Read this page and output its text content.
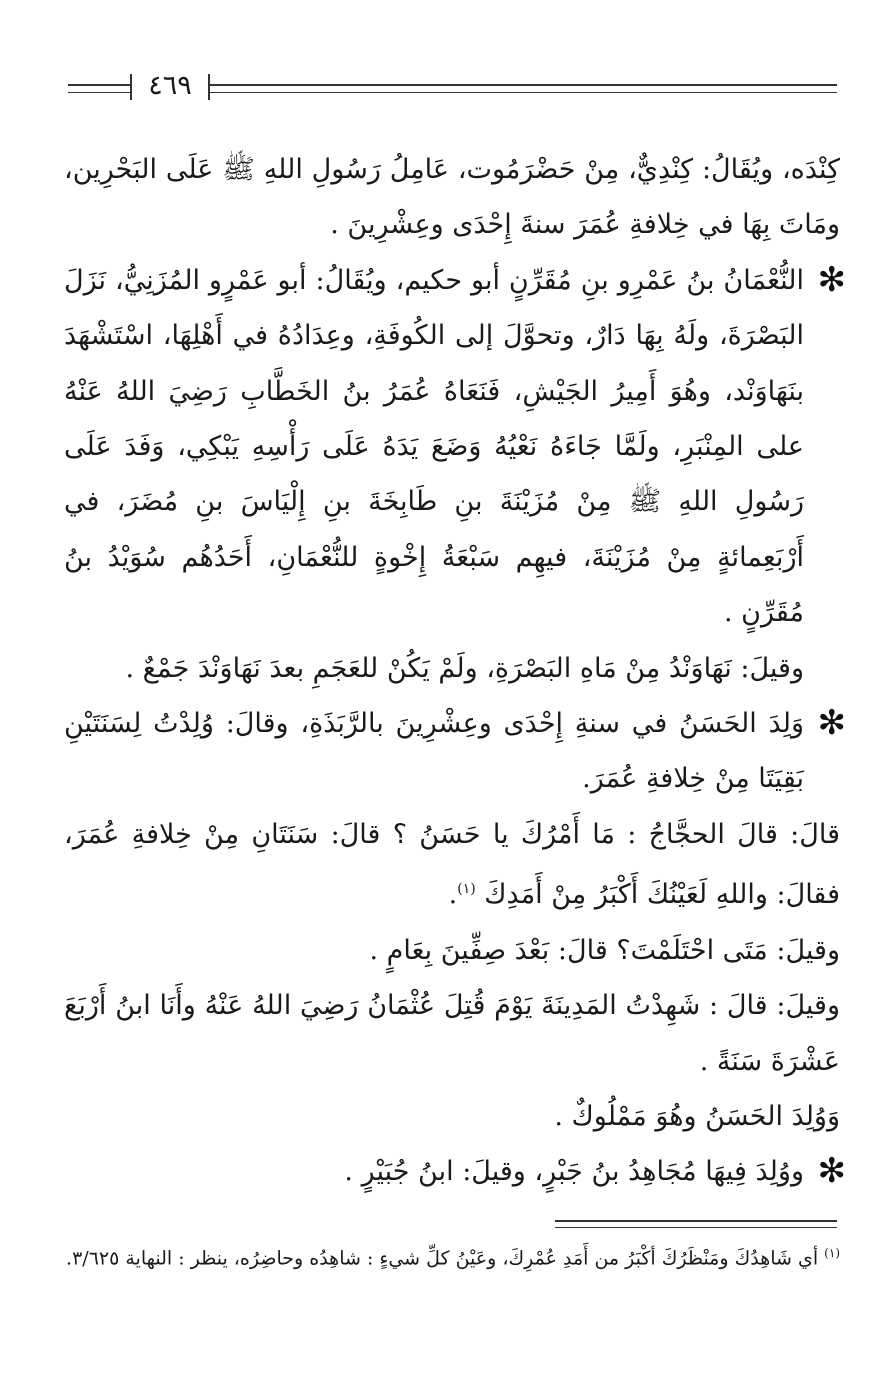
٤٦٩

كِنْدَه، ويُقَالُ: كِنْدِيٌّ، مِنْ حَضْرَمُوت، عَامِلُ رَسُولِ اللهِ ﷺ عَلَى البَحْرِين، ومَاتَ بِهَا في خِلافةِ عُمَرَ سنةَ إِحْدَى وعِشْرِينَ .

✻
النُّعْمَانُ بنُ عَمْرِو بنِ مُقَرِّنٍ أبو حكيم، ويُقَالُ: أبو عَمْرٍو المُزَنِيُّ، نَزَلَ البَصْرَةَ، ولَهُ بِهَا دَارٌ، وتحوَّلَ إلى الكُوفَةِ، وعِدَادُهُ في أَهْلِهَا، اسْتَشْهَدَ بنَهَاوَنْد، وهُوَ أَمِيرُ الجَيْشِ، فَنَعَاهُ عُمَرُ بنُ الخَطَّابِ رَضِيَ اللهُ عَنْهُ على المِنْبَرِ، ولَمَّا جَاءَهُ نَعْيُهُ وَضَعَ يَدَهُ عَلَى رَأْسِهِ يَبْكِي، وَفَدَ عَلَى رَسُولِ اللهِ ﷺ مِنْ مُزَيْنَةَ بنِ طَابِخَةَ بنِ إِلْيَاسَ بنِ مُضَرَ، في أَرْبَعِمائةٍ مِنْ مُزَيْنَةَ، فيهِم سَبْعَةُ إِخْوةٍ للنُّعْمَانِ، أَحَدُهُم سُوَيْدُ بنُ مُقَرِّنٍ .

وقيلَ: نَهَاوَنْدُ مِنْ مَاهِ البَصْرَةِ، ولَمْ يَكُنْ للعَجَمِ بعدَ نَهَاوَنْدَ جَمْعٌ .

✻
وَلِدَ الحَسَنُ في سنةِ إِحْدَى وعِشْرِينَ بالرَّبَذَةِ، وقالَ: وُلِدْتُ لِسَنَتَيْنِ بَقِيَتَا مِنْ خِلافةِ عُمَرَ.

قالَ: قالَ الحجَّاجُ : مَا أَمْرُكَ يا حَسَنُ ؟ قالَ: سَنَتَانِ مِنْ خِلافةِ عُمَرَ، فقالَ: واللهِ لَعَيْنُكَ أَكْبَرُ مِنْ أَمَدِكَ $^{(١)}$.

وقيلَ: مَتَى احْتَلَمْتَ؟ قالَ: بَعْدَ صِفِّينَ بِعَامٍ .

وقيلَ: قالَ : شَهِدْتُ المَدِينَةَ يَوْمَ قُتِلَ عُثْمَانُ رَضِيَ اللهُ عَنْهُ وأَنَا ابنُ أَرْبَعَ عَشْرَةَ سَنَةً .

وَوُلِدَ الحَسَنُ وهُوَ مَمْلُوكٌ .

✻
ووُلِدَ فِيهَا مُجَاهِدُ بنُ جَبْرٍ، وقيلَ: ابنُ جُبَيْرٍ .

$^{(١)}$ أي شَاهِدُكَ ومَنْظَرُكَ أكْبَرُ من أَمَدِ عُمْرِكَ، وعَيْنُ كلِّ شيءٍ : شاهِدُه وحاضِرُه، ينظر : النهاية ٣/٦٢٥.
